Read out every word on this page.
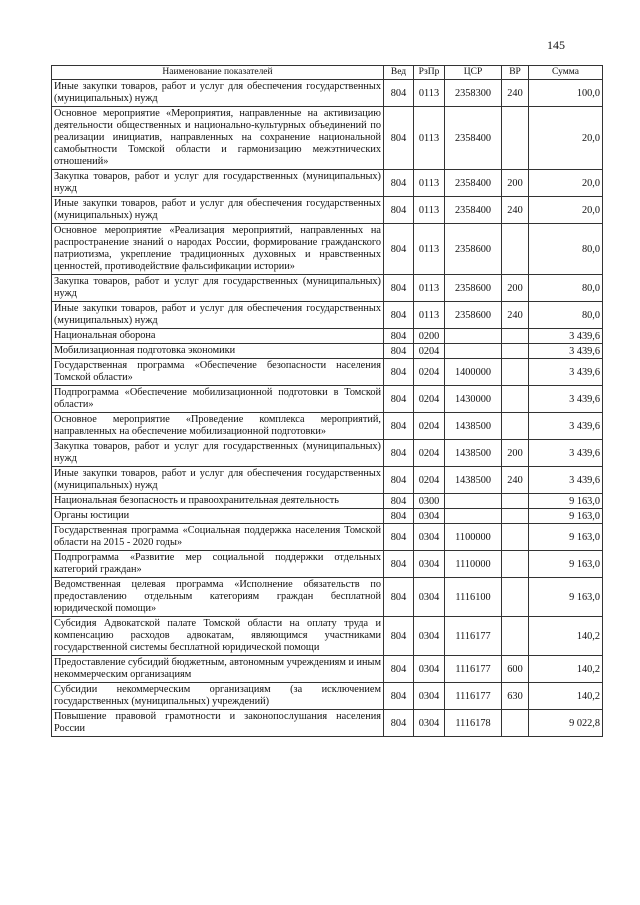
145
Наименование показателей	Вед	РзПр	ЦСР	ВР	Сумма
Иные закупки товаров, работ и услуг для обеспечения государственных (муниципальных) нужд	804	0113	2358300	240	100,0
Основное мероприятие «Мероприятия, направленные на активизацию деятельности общественных и национально-культурных объединений по реализации инициатив, направленных на сохранение национальной самобытности Томской области и гармонизацию межэтнических отношений»	804	0113	2358400		20,0
Закупка товаров, работ и услуг для государственных (муниципальных) нужд	804	0113	2358400	200	20,0
Иные закупки товаров, работ и услуг для обеспечения государственных (муниципальных) нужд	804	0113	2358400	240	20,0
Основное мероприятие «Реализация мероприятий, направленных на распространение знаний о народах России, формирование гражданского патриотизма, укрепление традиционных духовных и нравственных ценностей, противодействие фальсификации истории»	804	0113	2358600		80,0
Закупка товаров, работ и услуг для государственных (муниципальных) нужд	804	0113	2358600	200	80,0
Иные закупки товаров, работ и услуг для обеспечения государственных (муниципальных) нужд	804	0113	2358600	240	80,0
Национальная оборона	804	0200			3 439,6
Мобилизационная подготовка экономики	804	0204			3 439,6
Государственная программа «Обеспечение безопасности населения Томской области»	804	0204	1400000		3 439,6
Подпрограмма «Обеспечение мобилизационной подготовки в Томской области»	804	0204	1430000		3 439,6
Основное мероприятие «Проведение комплекса мероприятий, направленных на обеспечение мобилизационной подготовки»	804	0204	1438500		3 439,6
Закупка товаров, работ и услуг для государственных (муниципальных) нужд	804	0204	1438500	200	3 439,6
Иные закупки товаров, работ и услуг для обеспечения государственных (муниципальных) нужд	804	0204	1438500	240	3 439,6
Национальная безопасность и правоохранительная деятельность	804	0300			9 163,0
Органы юстиции	804	0304			9 163,0
Государственная программа «Социальная поддержка населения Томской области на 2015 - 2020 годы»	804	0304	1100000		9 163,0
Подпрограмма «Развитие мер социальной поддержки отдельных категорий граждан»	804	0304	1110000		9 163,0
Ведомственная целевая программа «Исполнение обязательств по предоставлению отдельным категориям граждан бесплатной юридической помощи»	804	0304	1116100		9 163,0
Субсидия Адвокатской палате Томской области на оплату труда и компенсацию расходов адвокатам, являющимся участниками государственной системы бесплатной юридической помощи	804	0304	1116177		140,2
Предоставление субсидий бюджетным, автономным учреждениям и иным некоммерческим организациям	804	0304	1116177	600	140,2
Субсидии некоммерческим организациям (за исключением государственных (муниципальных) учреждений)	804	0304	1116177	630	140,2
Повышение правовой грамотности и законопослушания населения России	804	0304	1116178		9 022,8
